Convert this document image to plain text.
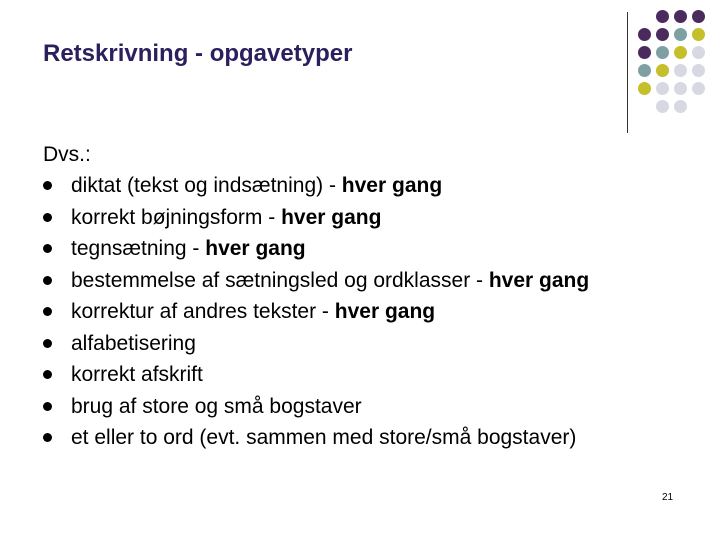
Retskrivning - opgavetyper
Dvs.:
diktat (tekst og indsætning) - hver gang
korrekt bøjningsform - hver gang
tegnsætning - hver gang
bestemmelse af sætningsled og ordklasser - hver gang
korrektur af andres tekster - hver gang
alfabetisering
korrekt afskrift
brug af store og små bogstaver
et eller to ord (evt. sammen med store/små bogstaver)
21
